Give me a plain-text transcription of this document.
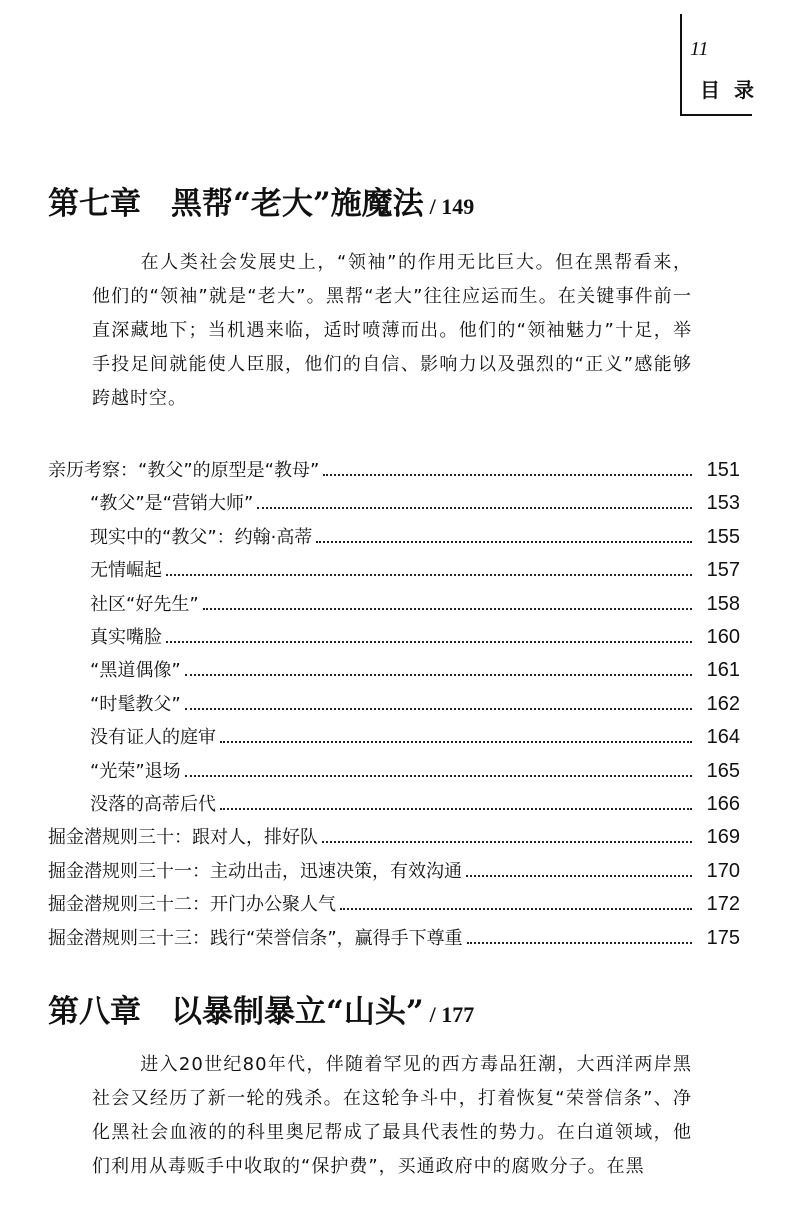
11
目录
第七章 黑帮“老大”施魔法 / 149

在人类社会发展史上，“领袖”的作用无比巨大。但在黑帮看来，他们的“领袖”就是“老大”。黑帮“老大”往往应运而生。在关键事件前一直深藏地下；当机遇来临，适时喷薄而出。他们的“领袖魅力”十足，举手投足间就能使人臣服，他们的自信、影响力以及强烈的“正义”感能够跨越时空。

亲历考察：“教父”的原型是“教母”	151
“教父”是“营销大师”	153
现实中的“教父”：约翰·高蒂	155
无情崛起	157
社区“好先生”	158
真实嘴脸	160
“黑道偶像”	161
“时髦教父”	162
没有证人的庭审	164
“光荣”退场	165
没落的高蒂后代	166
掘金潜规则三十：跟对人，排好队	169
掘金潜规则三十一：主动出击，迅速决策，有效沟通	170
掘金潜规则三十二：开门办公聚人气	172
掘金潜规则三十三：践行“荣誉信条”，赢得手下尊重	175
第八章 以暴制暴立“山头” / 177

进入20世纪80年代，伴随着罕见的西方毒品狂潮，大西洋两岸黑社会又经历了新一轮的残杀。在这轮争斗中，打着恢复“荣誉信条”、净化黑社会血液的的科里奥尼帮成了最具代表性的势力。在白道领域，他们利用从毒贩手中收取的“保护费”，买通政府中的腐败分子。在黑
